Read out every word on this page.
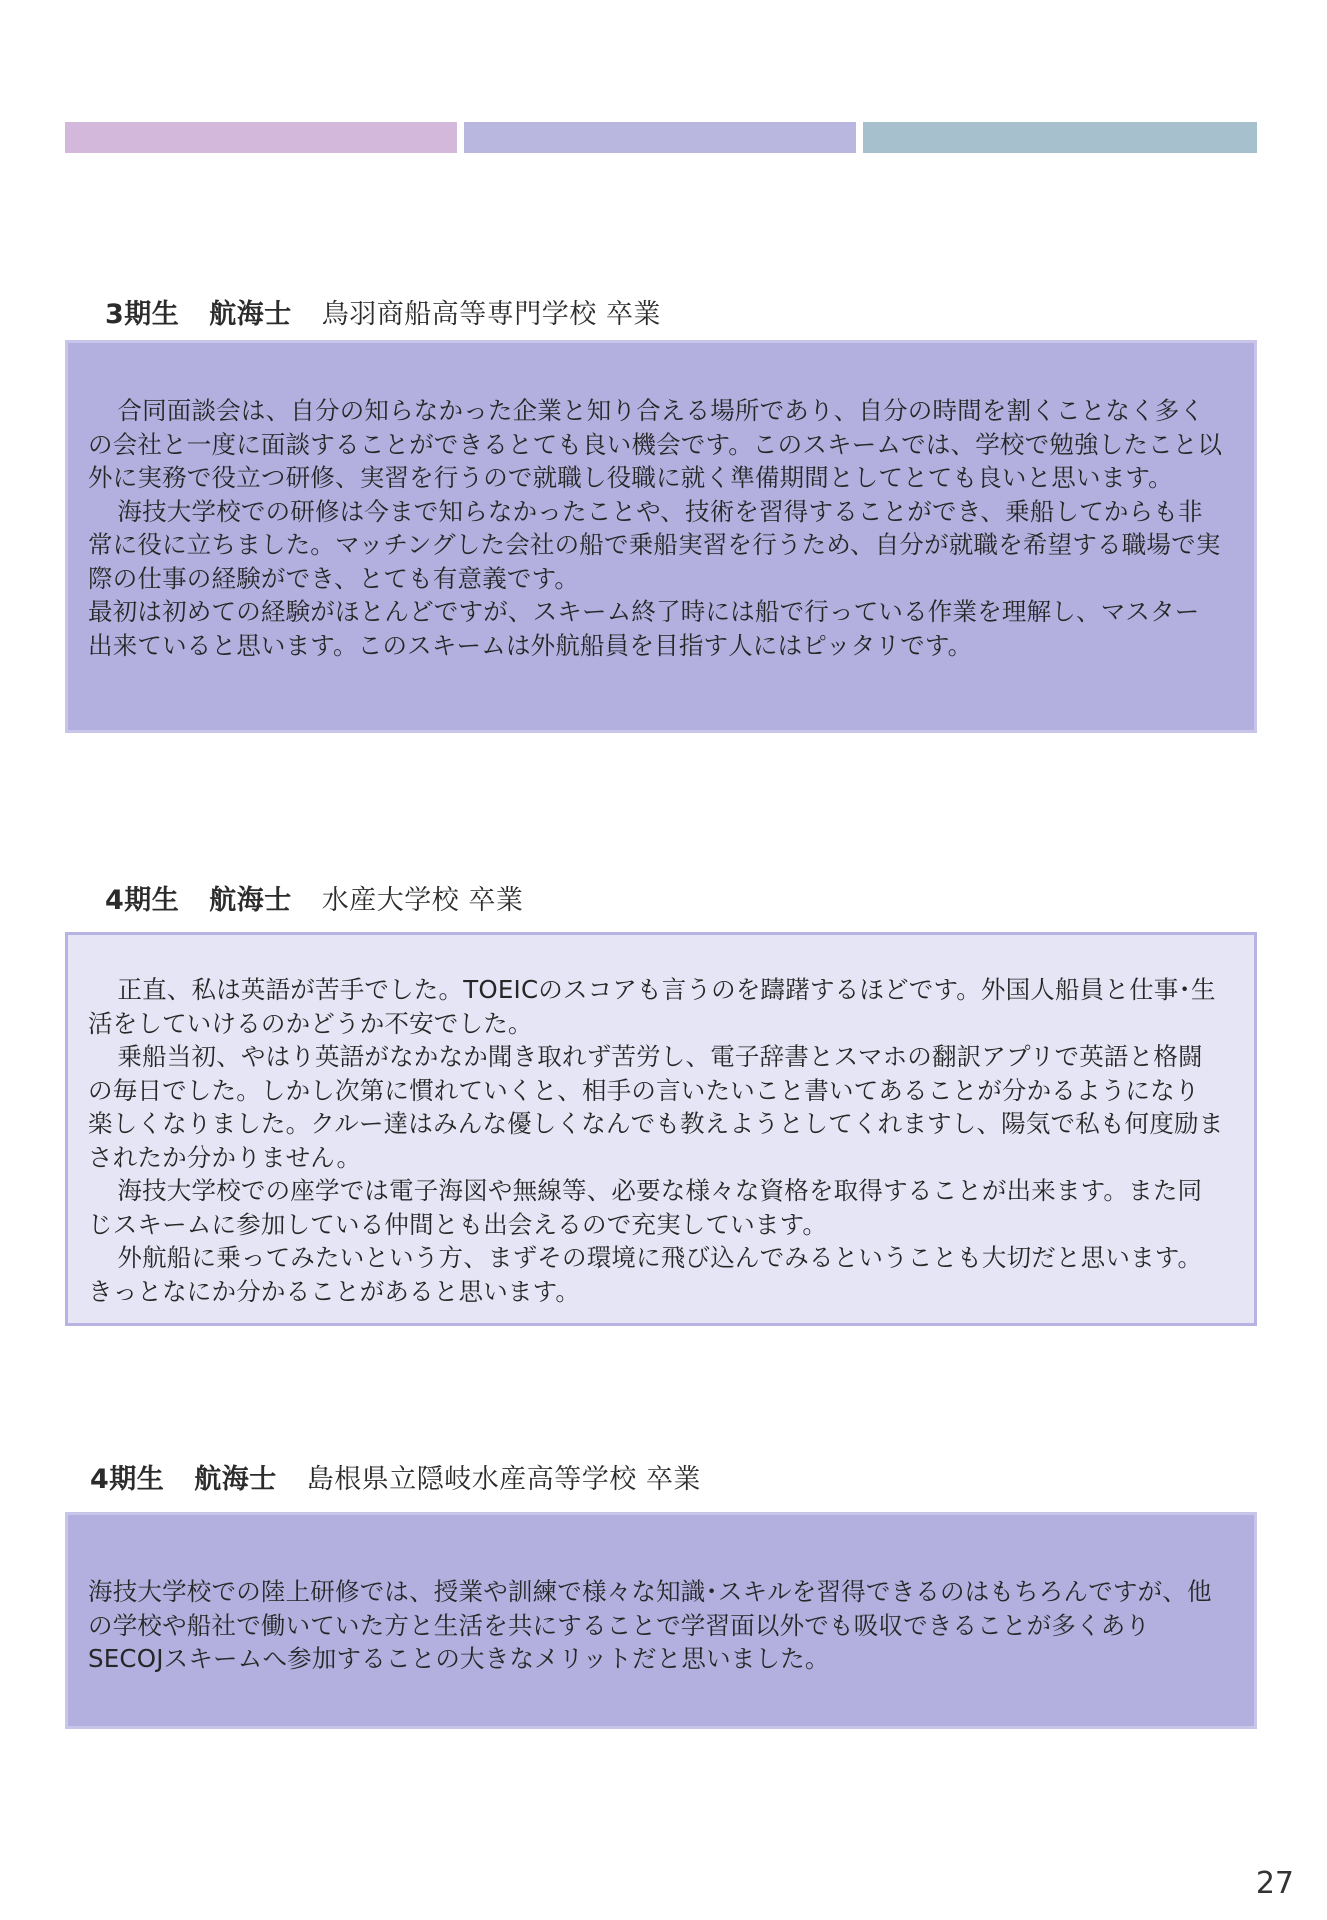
3期生 航海士 鳥羽商船高等専門学校 卒業

合同面談会は、自分の知らなかった企業と知り合える場所であり、自分の時間を割くことなく多くの会社と一度に面談することができるとても良い機会です。このスキームでは、学校で勉強したこと以外に実務で役立つ研修、実習を行うので就職し役職に就く準備期間としてとても良いと思います。

海技大学校での研修は今まで知らなかったことや、技術を習得することができ、乗船してからも非常に役に立ちました。マッチングした会社の船で乗船実習を行うため、自分が就職を希望する職場で実際の仕事の経験ができ、とても有意義です。

最初は初めての経験がほとんどですが、スキーム終了時には船で行っている作業を理解し、マスター出来ていると思います。このスキームは外航船員を目指す人にはピッタリです。

4期生 航海士 水産大学校 卒業

正直、私は英語が苦手でした。TOEICのスコアも言うのを躊躇するほどです。外国人船員と仕事･生活をしていけるのかどうか不安でした。

乗船当初、やはり英語がなかなか聞き取れず苦労し、電子辞書とスマホの翻訳アプリで英語と格闘の毎日でした。しかし次第に慣れていくと、相手の言いたいこと書いてあることが分かるようになり楽しくなりました。クルー達はみんな優しくなんでも教えようとしてくれますし、陽気で私も何度励まされたか分かりません。

海技大学校での座学では電子海図や無線等、必要な様々な資格を取得することが出来ます。また同じスキームに参加している仲間とも出会えるので充実しています。

外航船に乗ってみたいという方、まずその環境に飛び込んでみるということも大切だと思います。きっとなにか分かることがあると思います。

4期生 航海士 島根県立隠岐水産高等学校 卒業

海技大学校での陸上研修では、授業や訓練で様々な知識･スキルを習得できるのはもちろんですが、他の学校や船社で働いていた方と生活を共にすることで学習面以外でも吸収できることが多くありSECOJスキームへ参加することの大きなメリットだと思いました。

27
